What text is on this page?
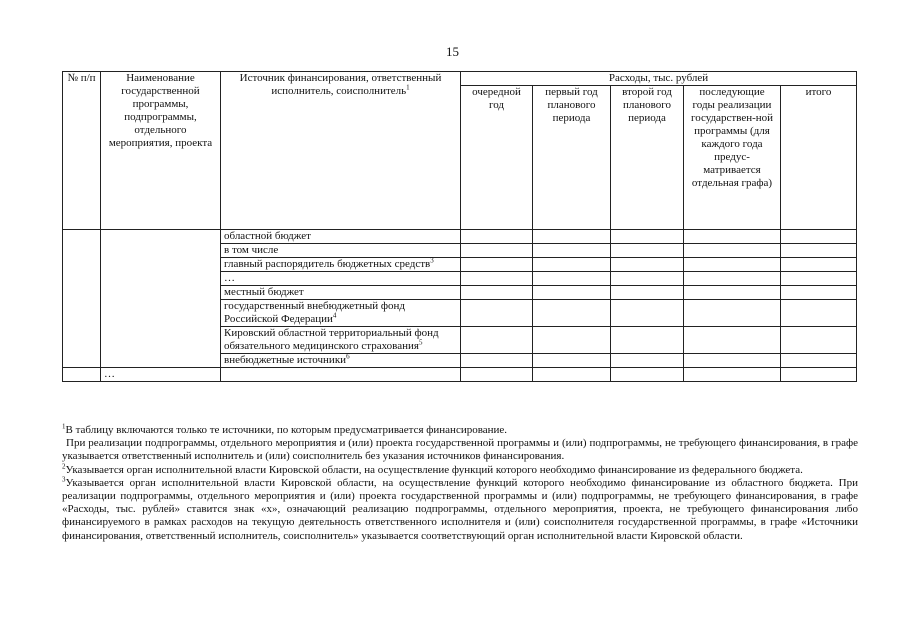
15
№ п/п	Наименование государственной программы, подпрограммы, отдельного мероприятия, проекта	Источник финансирования, ответственный исполнитель, соисполнитель$^1$	Расходы, тыс. рублей				
			очередной год	первый год планового периода	второй год планового периода	последующие годы реализации государствен-ной программы (для каждого года предус-матривается отдельная графа)	итого
		областной бюджет					
		в том числе					
		главный распорядитель бюджетных средств$^3$					
		…					
		местный бюджет					
		государственный внебюджетный фонд Российской Федерации$^4$					
		Кировский областной территориальный фонд обязательного медицинского страхования$^5$					
		внебюджетные источники$^6$					
	…						

$^1$В таблицу включаются только те источники, по которым предусматривается финансирование.

При реализации подпрограммы, отдельного мероприятия и (или) проекта государственной программы и (или) подпрограммы, не требующего финансирования, в графе указывается ответственный исполнитель и (или) соисполнитель без указания источников финансирования.

$^2$Указывается орган исполнительной власти Кировской области, на осуществление функций которого необходимо финансирование из федерального бюджета.

$^3$Указывается орган исполнительной власти Кировской области, на осуществление функций которого необходимо финансирование из областного бюджета. При реализации подпрограммы, отдельного мероприятия и (или) проекта государственной программы и (или) подпрограммы, не требующего финансирования, в графе «Расходы, тыс. рублей» ставится знак «х», означающий реализацию подпрограммы, отдельного мероприятия, проекта, не требующего финансирования либо финансируемого в рамках расходов на текущую деятельность ответственного исполнителя и (или) соисполнителя государственной программы, в графе «Источники финансирования, ответственный исполнитель, соисполнитель» указывается соответствующий орган исполнительной власти Кировской области.
